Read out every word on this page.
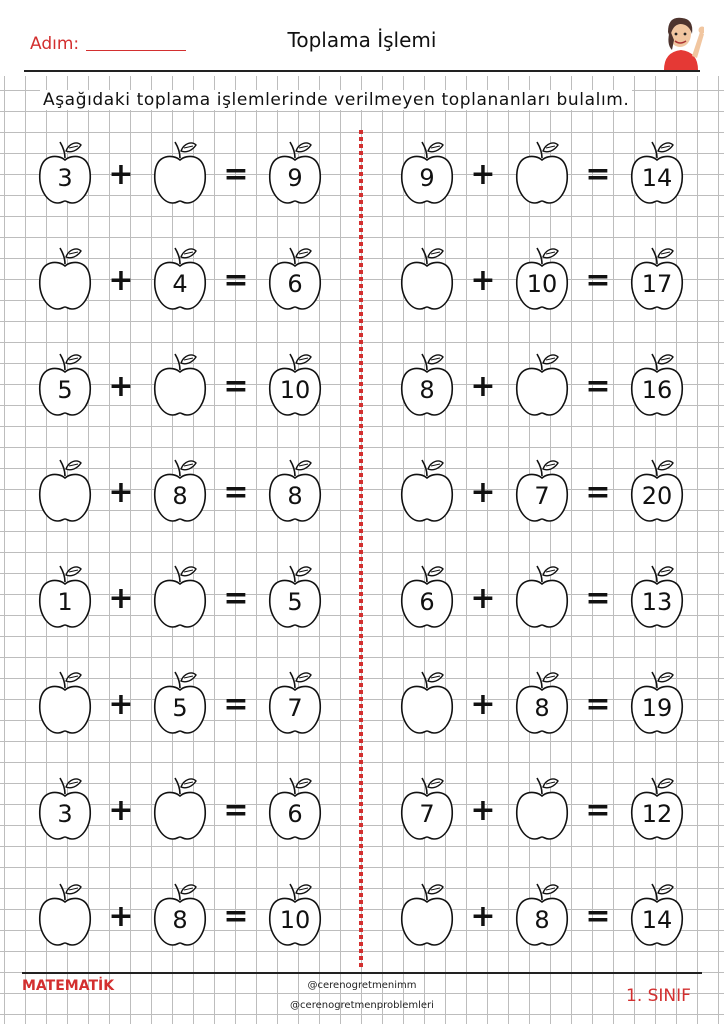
Adım:	Toplama İşlemi
Aşağıdaki toplama işlemlerinde verilmeyen toplananları bulalım.
3	+	=	9
+	4	=	6
5	+	=	10
+	8	=	8
1	+	=	5
+	5	=	7
3	+	=	6
+	8	=	10
9	+	=	14
+	10 =	17
8	+	=	16
+	7	=	20
6	+	=	13
+	8	=	19
7	+	=	12
+	8	=	14
MATEMATİK	@cerenogretmenimm
@cerenogretmenproblemleri	1. SINIF
